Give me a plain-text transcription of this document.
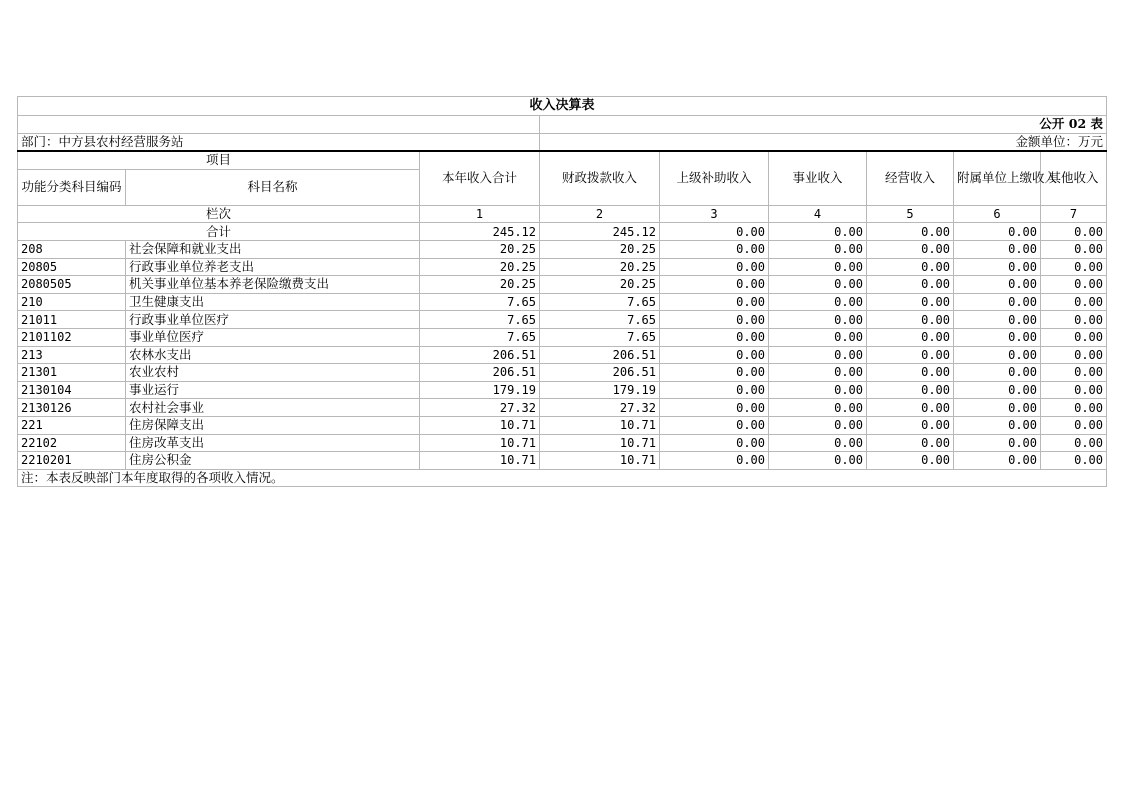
收入决算表								
			公开 02 表					
部门：中方县农村经营服务站			金额单位：万元					
项目		本年收入合计	财政拨款收入	上级补助收入	事业收入	经营收入	附属单位上缴收入	其他收入
功能分类科目编码	科目名称							
栏次		1	2	3	4	5	6	7
合计		245.12	245.12	0.00	0.00	0.00	0.00	0.00
208	社会保障和就业支出	20.25	20.25	0.00	0.00	0.00	0.00	0.00
20805	行政事业单位养老支出	20.25	20.25	0.00	0.00	0.00	0.00	0.00
2080505	机关事业单位基本养老保险缴费支出	20.25	20.25	0.00	0.00	0.00	0.00	0.00
210	卫生健康支出	7.65	7.65	0.00	0.00	0.00	0.00	0.00
21011	行政事业单位医疗	7.65	7.65	0.00	0.00	0.00	0.00	0.00
2101102	事业单位医疗	7.65	7.65	0.00	0.00	0.00	0.00	0.00
213	农林水支出	206.51	206.51	0.00	0.00	0.00	0.00	0.00
21301	农业农村	206.51	206.51	0.00	0.00	0.00	0.00	0.00
2130104	事业运行	179.19	179.19	0.00	0.00	0.00	0.00	0.00
2130126	农村社会事业	27.32	27.32	0.00	0.00	0.00	0.00	0.00
221	住房保障支出	10.71	10.71	0.00	0.00	0.00	0.00	0.00
22102	住房改革支出	10.71	10.71	0.00	0.00	0.00	0.00	0.00
2210201	住房公积金	10.71	10.71	0.00	0.00	0.00	0.00	0.00
注：本表反映部门本年度取得的各项收入情况。								
